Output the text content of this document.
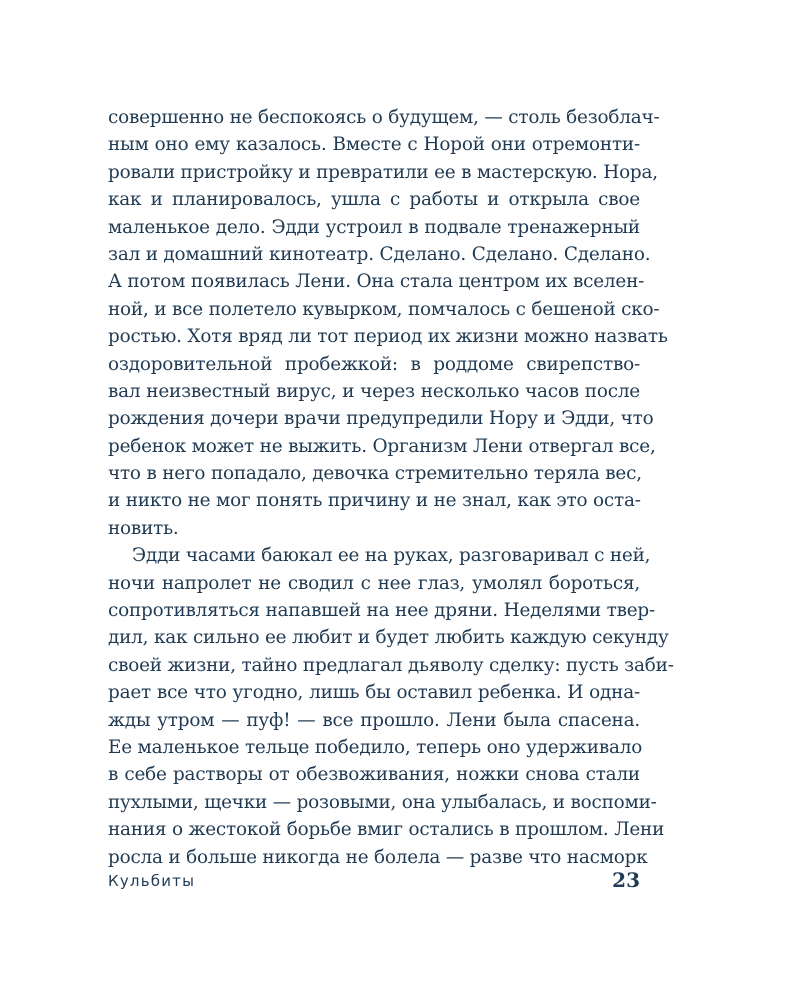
совершенно не беспокоясь о будущем, — столь безоблач-
ным оно ему казалось. Вместе с Норой они отремонти-
ровали пристройку и превратили ее в мастерскую. Нора,
как и планировалось, ушла с работы и открыла свое
маленькое дело. Эдди устроил в подвале тренажерный
зал и домашний кинотеатр. Сделано. Сделано. Сделано.
А потом появилась Лени. Она стала центром их вселен-
ной, и все полетело кувырком, помчалось с бешеной ско-
ростью. Хотя вряд ли тот период их жизни можно назвать
оздоровительной пробежкой: в роддоме свирепство-
вал неизвестный вирус, и через несколько часов после
рождения дочери врачи предупредили Нору и Эдди, что
ребенок может не выжить. Организм Лени отвергал все,
что в него попадало, девочка стремительно теряла вес,
и никто не мог понять причину и не знал, как это оста-
новить.
Эдди часами баюкал ее на руках, разговаривал с ней,
ночи напролет не сводил с нее глаз, умолял бороться,
сопротивляться напавшей на нее дряни. Неделями твер-
дил, как сильно ее любит и будет любить каждую секунду
своей жизни, тайно предлагал дьяволу сделку: пусть заби-
рает все что угодно, лишь бы оставил ребенка. И одна-
жды утром — пуф! — все прошло. Лени была спасена.
Ее маленькое тельце победило, теперь оно удерживало
в себе растворы от обезвоживания, ножки снова стали
пухлыми, щечки — розовыми, она улыбалась, и воспоми-
нания о жестокой борьбе вмиг остались в прошлом. Лени
росла и больше никогда не болела — разве что насморк
Кульбиты	23
